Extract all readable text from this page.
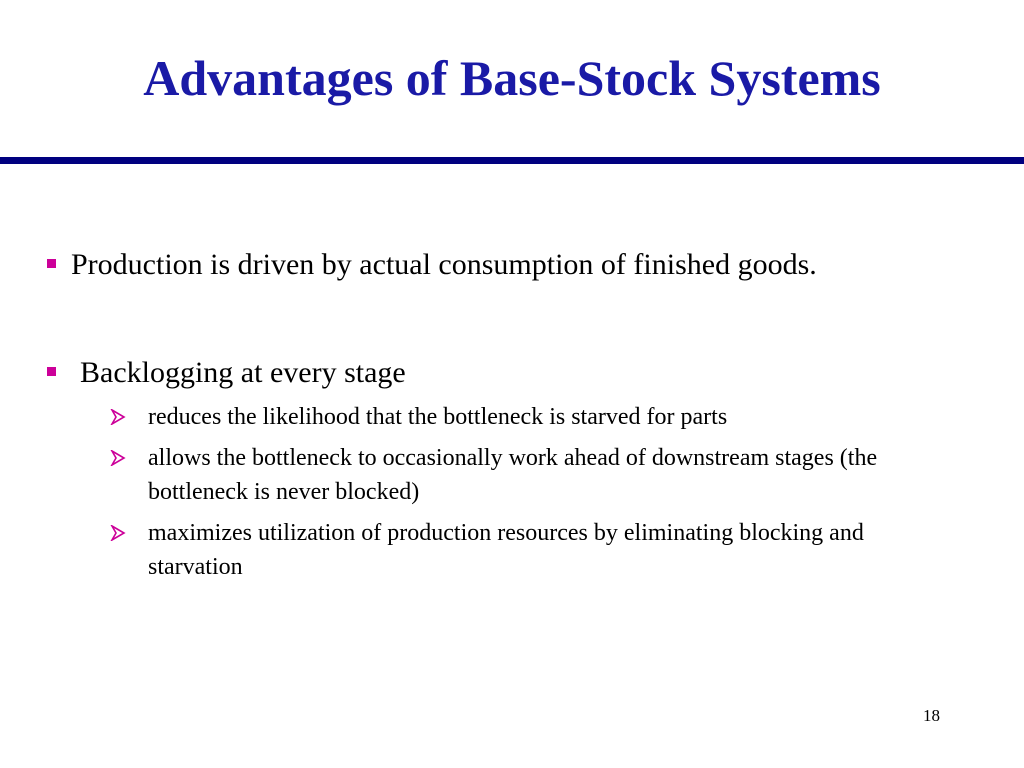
Advantages of Base-Stock Systems
Production is driven by actual consumption of finished goods.
Backlogging at every stage
reduces the likelihood that the bottleneck is starved for parts
allows the bottleneck to occasionally work ahead of downstream stages (the bottleneck is never blocked)
maximizes utilization of production resources by eliminating blocking and starvation
18
